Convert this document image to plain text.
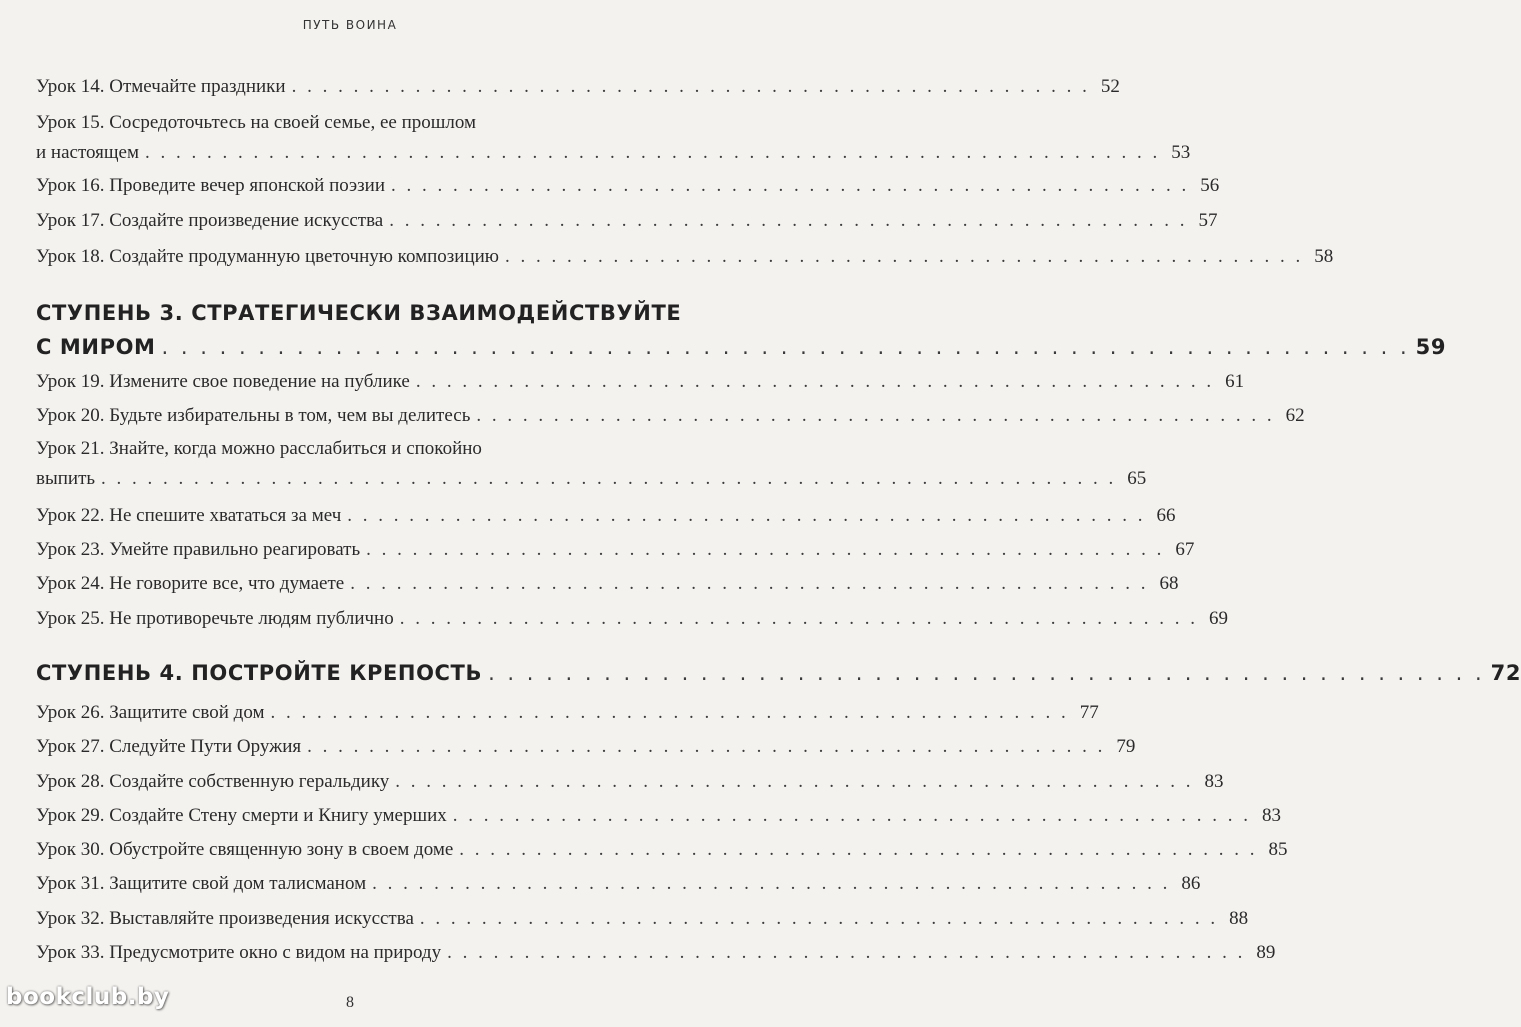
ПУТЬ ВОИНА
Урок 14. Отмечайте праздники . . . . . . . . . . . . . . . . . . . . . . . . . . . . . . . . . . . . . . . . . . . . . . . . . . . . 52
Урок 15. Сосредоточьтесь на своей семье, ее прошлом
и настоящем . . . . . . . . . . . . . . . . . . . . . . . . . . . . . . . . . . . . . . . . . . . . . . . . . . . . . . . . . . . . . . . . . . 53
Урок 16. Проведите вечер японской поэзии . . . . . . . . . . . . . . . . . . . . . . . . . . . . . . . . . . . . . . . . . . . . . . . . . . . . 56
Урок 17. Создайте произведение искусства . . . . . . . . . . . . . . . . . . . . . . . . . . . . . . . . . . . . . . . . . . . . . . . . . . . . 57
Урок 18. Создайте продуманную цветочную композицию . . . . . . . . . . . . . . . . . . . . . . . . . . . . . . . . . . . . . . . . . . . . . . . . . . . . 58
СТУПЕНЬ 3. СТРАТЕГИЧЕСКИ ВЗАИМОДЕЙСТВУЙТЕ
С МИРОМ . . . . . . . . . . . . . . . . . . . . . . . . . . . . . . . . . . . . . . . . . . . . . . . . . . . . . . . . . . . . . . . . . 59
Урок 19. Измените свое поведение на публике . . . . . . . . . . . . . . . . . . . . . . . . . . . . . . . . . . . . . . . . . . . . . . . . . . . . 61
Урок 20. Будьте избирательны в том, чем вы делитесь . . . . . . . . . . . . . . . . . . . . . . . . . . . . . . . . . . . . . . . . . . . . . . . . . . . . 62
Урок 21. Знайте, когда можно расслабиться и спокойно
выпить . . . . . . . . . . . . . . . . . . . . . . . . . . . . . . . . . . . . . . . . . . . . . . . . . . . . . . . . . . . . . . . . . . 65
Урок 22. Не спешите хвататься за меч . . . . . . . . . . . . . . . . . . . . . . . . . . . . . . . . . . . . . . . . . . . . . . . . . . . . 66
Урок 23. Умейте правильно реагировать . . . . . . . . . . . . . . . . . . . . . . . . . . . . . . . . . . . . . . . . . . . . . . . . . . . . 67
Урок 24. Не говорите все, что думаете . . . . . . . . . . . . . . . . . . . . . . . . . . . . . . . . . . . . . . . . . . . . . . . . . . . . 68
Урок 25. Не противоречьте людям публично . . . . . . . . . . . . . . . . . . . . . . . . . . . . . . . . . . . . . . . . . . . . . . . . . . . . 69
СТУПЕНЬ 4. ПОСТРОЙТЕ КРЕПОСТЬ . . . . . . . . . . . . . . . . . . . . . . . . . . . . . . . . . . . . . . . . . . . . . . . . . . . . 72
Урок 26. Защитите свой дом . . . . . . . . . . . . . . . . . . . . . . . . . . . . . . . . . . . . . . . . . . . . . . . . . . . . 77
Урок 27. Следуйте Пути Оружия . . . . . . . . . . . . . . . . . . . . . . . . . . . . . . . . . . . . . . . . . . . . . . . . . . . . 79
Урок 28. Создайте собственную геральдику . . . . . . . . . . . . . . . . . . . . . . . . . . . . . . . . . . . . . . . . . . . . . . . . . . . . 83
Урок 29. Создайте Стену смерти и Книгу умерших . . . . . . . . . . . . . . . . . . . . . . . . . . . . . . . . . . . . . . . . . . . . . . . . . . . . 83
Урок 30. Обустройте священную зону в своем доме . . . . . . . . . . . . . . . . . . . . . . . . . . . . . . . . . . . . . . . . . . . . . . . . . . . . 85
Урок 31. Защитите свой дом талисманом . . . . . . . . . . . . . . . . . . . . . . . . . . . . . . . . . . . . . . . . . . . . . . . . . . . . 86
Урок 32. Выставляйте произведения искусства . . . . . . . . . . . . . . . . . . . . . . . . . . . . . . . . . . . . . . . . . . . . . . . . . . . . 88
Урок 33. Предусмотрите окно с видом на природу . . . . . . . . . . . . . . . . . . . . . . . . . . . . . . . . . . . . . . . . . . . . . . . . . . . . 89
bookclub.by	8
